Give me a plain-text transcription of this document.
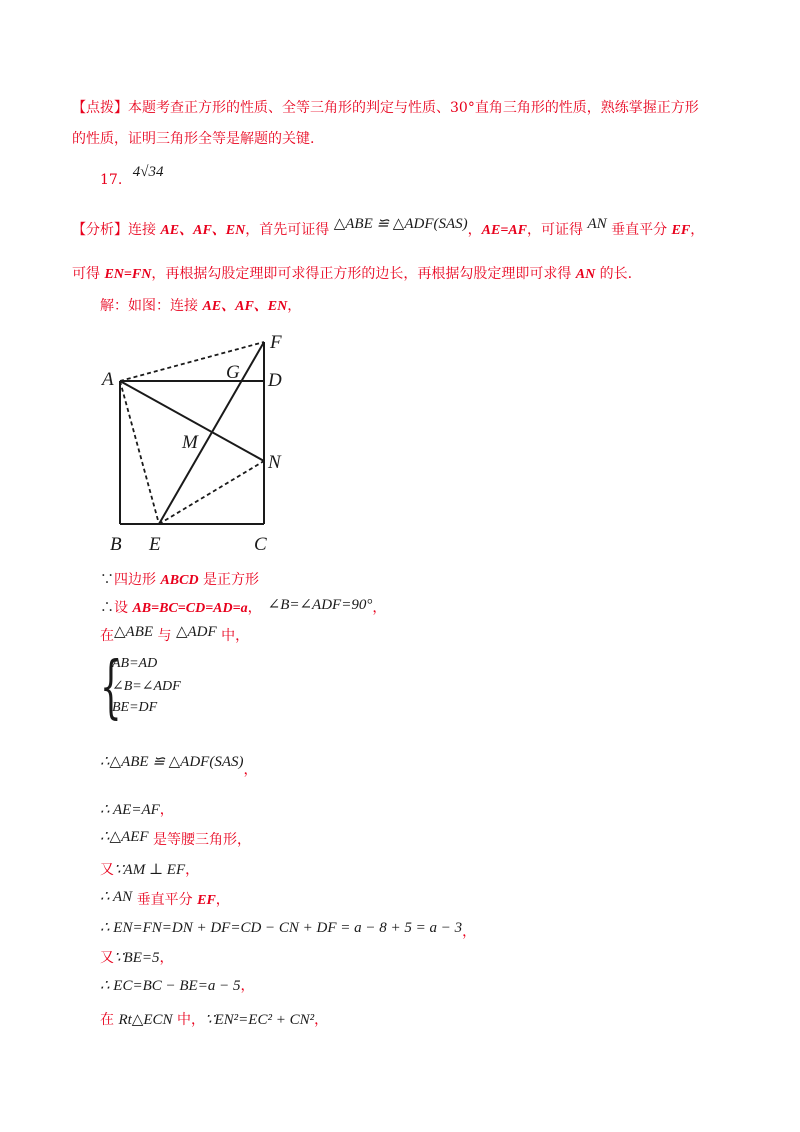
【点拨】本题考查正方形的性质、全等三角形的判定与性质、30°直角三角形的性质，熟练掌握正方形
的性质，证明三角形全等是解题的关键.
17. 4√34
【分析】连接 AE、AF、EN，首先可证得 △ABE ≌ △ADF(SAS)，AE=AF，可证得 AN 垂直平分 EF，
可得 EN=FN，再根据勾股定理即可求得正方形的边长，再根据勾股定理即可求得 AN 的长.
解：如图：连接 AE、AF、EN，
A
F
G D
M
N
B E	C
∵四边形 ABCD 是正方形
∴设 AB=BC=CD=AD=a， ∠B=∠ADF=90°，
在△ABE 与 △ADF 中，
{
AB=AD
∠B=∠ADF
BE=DF
∴△ABE ≌ △ADF(SAS)，
∴ AE=AF，
∴△AEF 是等腰三角形，
又∵AM ⊥ EF，
∴ AN 垂直平分 EF，
∴ EN=FN=DN + DF=CD − CN + DF = a − 8 + 5 = a − 3，
又∵BE=5，
∴ EC=BC − BE=a − 5，
在 Rt△ECN 中，∵EN²=EC² + CN²，
